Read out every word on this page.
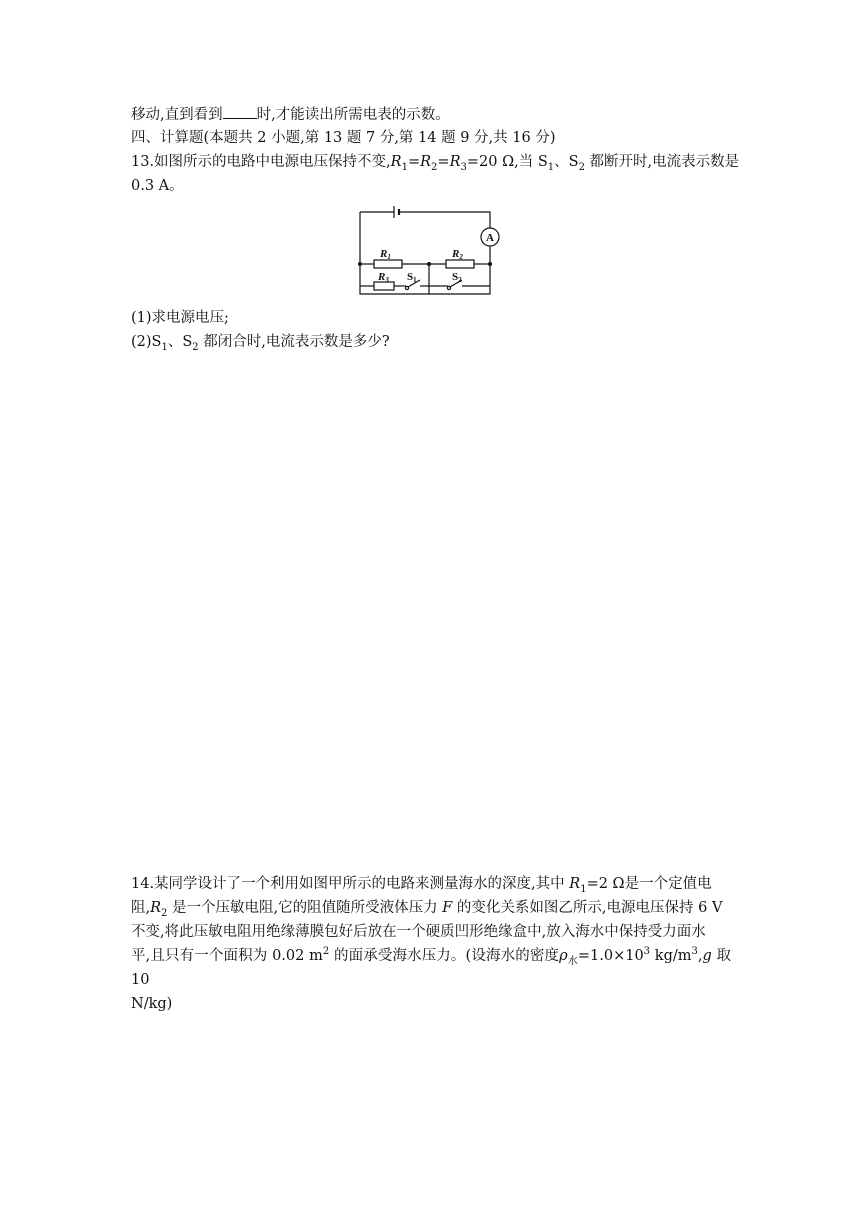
移动,直到看到 时,才能读出所需电表的示数。
四、计算题(本题共 2 小题,第 13 题 7 分,第 14 题 9 分,共 16 分)
13.如图所示的电路中电源电压保持不变$,R_1=R_2=R_3=20$ Ω,当 $S_1$、$S_2$ 都断开时,电流表示数是
0.3 A。
A
R1	R2
R3 S1	S2
(1)求电源电压;
$(2)S_1$、$S_2$ 都闭合时,电流表示数是多少?
14.某同学设计了一个利用如图甲所示的电路来测量海水的深度,其中 $R_1=2$ Ω是一个定值电
阻$,R_2$ 是一个压敏电阻,它的阻值随所受液体压力 F 的变化关系如图乙所示,电源电压保持 6 V
不变,将此压敏电阻用绝缘薄膜包好后放在一个硬质凹形绝缘盒中,放入海水中保持受力面水
平,且只有一个面积为 0.02 $m^2$ 的面承受海水压力。(设海水的密度$\rho_水=1.0\times 10^3$ $kg/m^3,g$ 取 10
N/kg)
